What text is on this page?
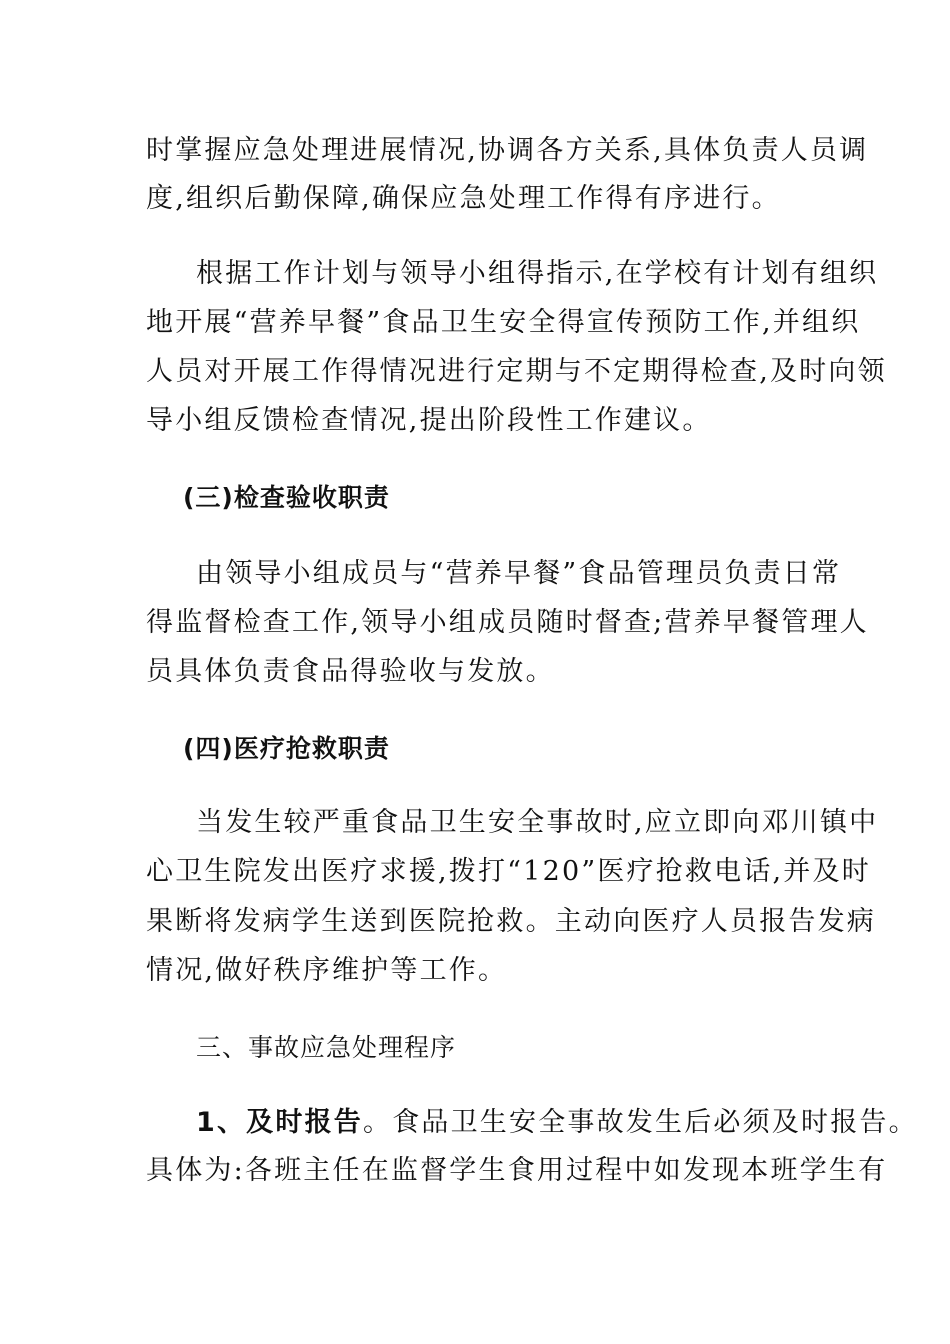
时掌握应急处理进展情况,协调各方关系,具体负责人员调
度,组织后勤保障,确保应急处理工作得有序进行。
根据工作计划与领导小组得指示,在学校有计划有组织
地开展“营养早餐”食品卫生安全得宣传预防工作,并组织
人员对开展工作得情况进行定期与不定期得检查,及时向领
导小组反馈检查情况,提出阶段性工作建议。
(三)检查验收职责
由领导小组成员与“营养早餐”食品管理员负责日常
得监督检查工作,领导小组成员随时督查;营养早餐管理人
员具体负责食品得验收与发放。
(四)医疗抢救职责
当发生较严重食品卫生安全事故时,应立即向邓川镇中
心卫生院发出医疗求援,拨打“120”医疗抢救电话,并及时
果断将发病学生送到医院抢救。主动向医疗人员报告发病
情况,做好秩序维护等工作。
三、事故应急处理程序
1、及时报告。食品卫生安全事故发生后必须及时报告。
具体为:各班主任在监督学生食用过程中如发现本班学生有
